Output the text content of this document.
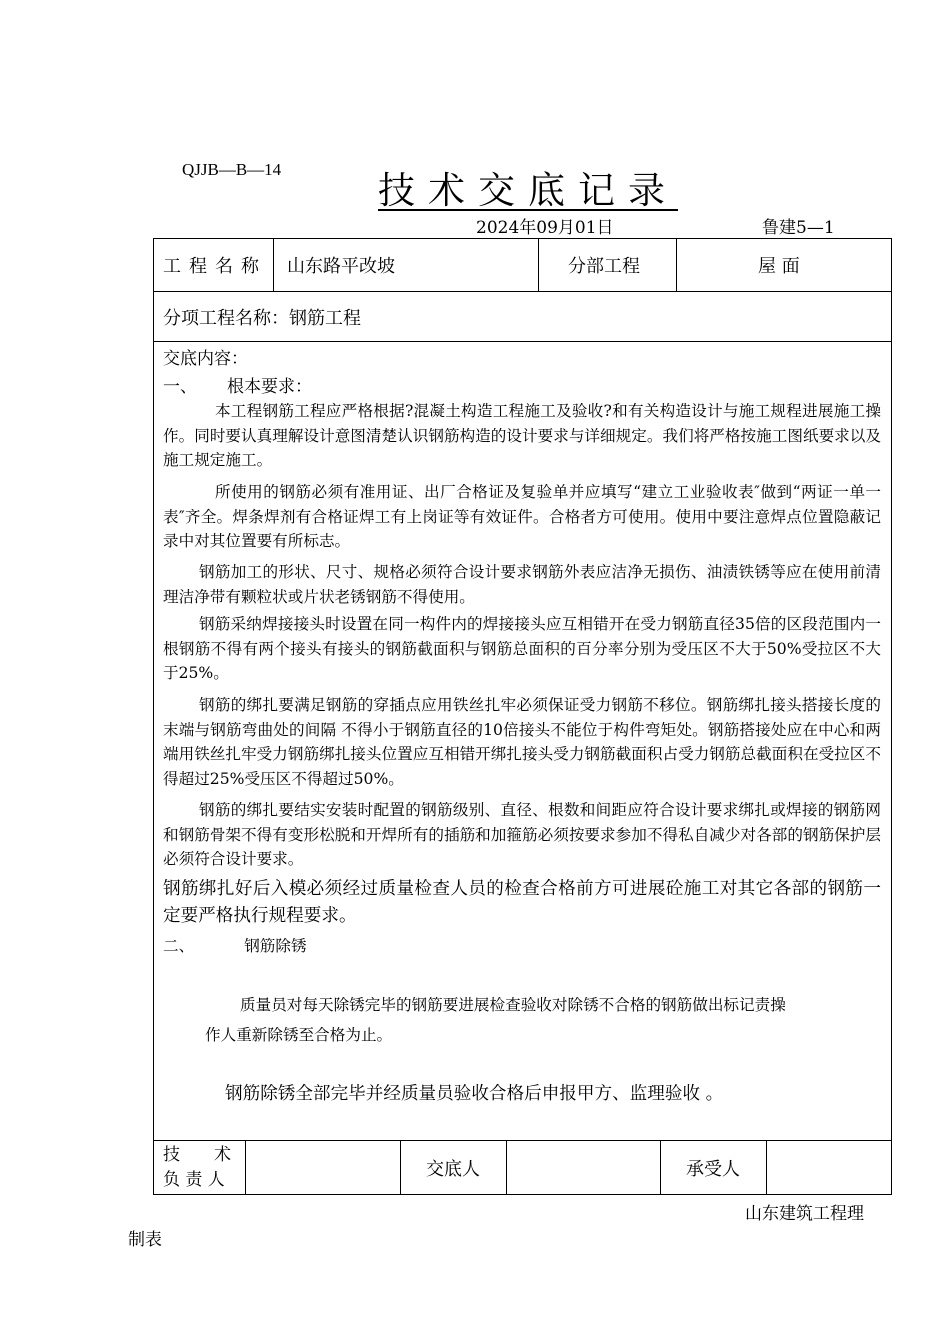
QJJB—B—14	技术交底记录
2024年09月01日	鲁建5—1
工程名称 山东路平改坡	分部工程	屋 面
分项工程名称： 钢筋工程
交底内容：
一、 根本要求：
本工程钢筋工程应严格根据?混凝土构造工程施工及验收?和有关构造设计与施工规程进展施工操作。同时要认真理解设计意图清楚认识钢筋构造的设计要求与详细规定。我们将严格按施工图纸要求以及施工规定施工。
所使用的钢筋必须有准用证、出厂合格证及复验单并应填写“建立工业验收表″做到“两证一单一表″齐全。焊条焊剂有合格证焊工有上岗证等有效证件。合格者方可使用。使用中要注意焊点位置隐蔽记录中对其位置要有所标志。
钢筋加工的形状、尺寸、规格必须符合设计要求钢筋外表应洁净无损伤、油渍铁锈等应在使用前清理洁净带有颗粒状或片状老锈钢筋不得使用。
钢筋采纳焊接接头时设置在同一构件内的焊接接头应互相错开在受力钢筋直径35倍的区段范围内一根钢筋不得有两个接头有接头的钢筋截面积与钢筋总面积的百分率分别为受压区不大于50%受拉区不大于25%。
钢筋的绑扎要满足钢筋的穿插点应用铁丝扎牢必须保证受力钢筋不移位。钢筋绑扎接头搭接长度的末端与钢筋弯曲处的间隔 不得小于钢筋直径的10倍接头不能位于构件弯矩处。钢筋搭接处应在中心和两端用铁丝扎牢受力钢筋绑扎接头位置应互相错开绑扎接头受力钢筋截面积占受力钢筋总截面积在受拉区不得超过25%受压区不得超过50%。
钢筋的绑扎要结实安装时配置的钢筋级别、直径、根数和间距应符合设计要求绑扎或焊接的钢筋网和钢筋骨架不得有变形松脱和开焊所有的插筋和加箍筋必须按要求参加不得私自减少对各部的钢筋保护层必须符合设计要求。
钢筋绑扎好后入模必须经过质量检查人员的检查合格前方可进展砼施工对其它各部的钢筋一定要严格执行规程要求。
二、	钢筋除锈
质量员对每天除锈完毕的钢筋要进展检查验收对除锈不合格的钢筋做出标记责操
作人重新除锈至合格为止。
钢筋除锈全部完毕并经质量员验收合格后申报甲方、监理验收 。
技　　术
负 责 人
交底人	承受人
山东建筑工程理
制表
